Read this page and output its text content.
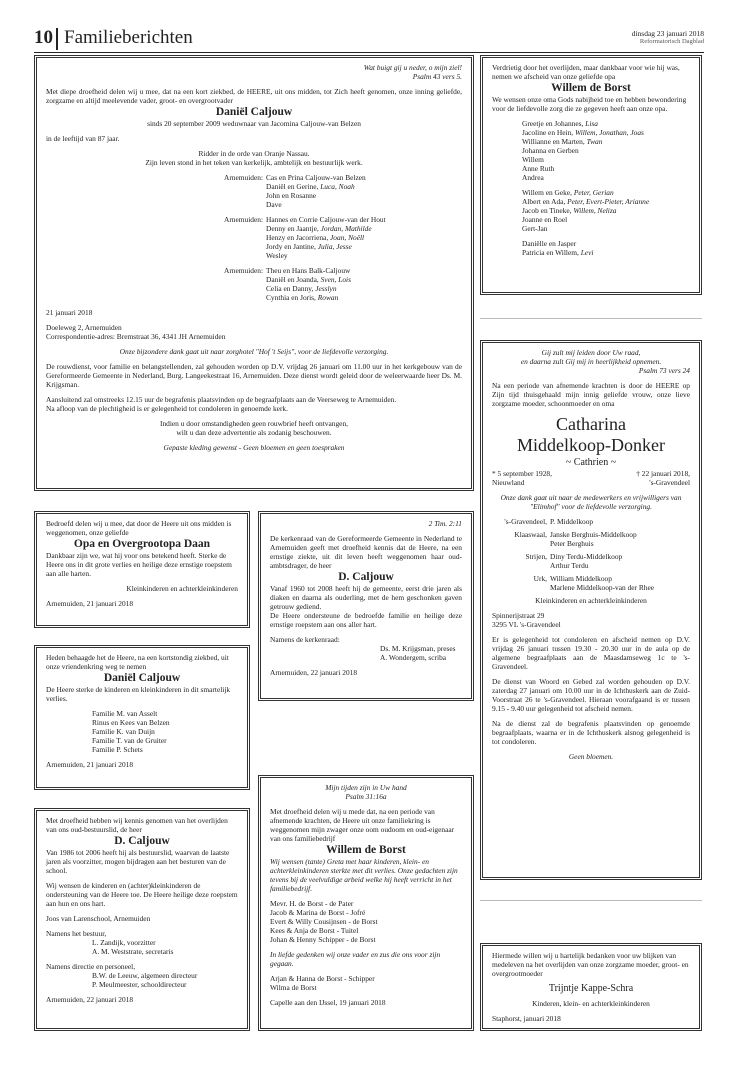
10 Familieberichten	dinsdag 23 januari 2018
Reformatorisch Dagblad

Wat buigt gij u neder, o mijn ziel!

Psalm 43 vers 5.

Met diepe droefheid delen wij u mee, dat na een kort ziekbed, de HEERE, uit ons midden, tot Zich heeft genomen, onze inning geliefde, zorgzame en altijd meelevende vader, groot- en overgrootvader

Daniël Caljouw

sinds 20 september 2009 weduwnaar van Jacomina Caljouw-van Belzen

in de leeftijd van 87 jaar.

Ridder in de orde van Oranje Nassau.

Zijn leven stond in het teken van kerkelijk, ambtelijk en bestuurlijk werk.

Arnemuiden: Cas en Prina Caljouw-van Belzen
Daniël en Gerine, Luca, Noah
John en Rosanne
Dave
Arnemuiden: Hannes en Corrie Caljouw-van der Hout
Denny en Jaantje, Jordan, Mathilde
Henzy en Jacorriena, Joan, Noëll
Jordy en Jantine, Julia, Jesse
Wesley
Arnemuiden: Theu en Hans Balk-Caljouw
Daniël en Joanda, Sven, Lois
Celia en Danny, Jesslyn
Cynthia en Joris, Rowan

21 januari 2018

Doeleweg 2, Arnemuiden

Correspondentie-adres: Bremstraat 36, 4341 JH Arnemuiden

Onze bijzondere dank gaat uit naar zorghotel "Hof 't Seijs", voor de liefdevolle verzorging.

De rouwdienst, voor familie en belangstellenden, zal gehouden worden op D.V. vrijdag 26 januari om 11.00 uur in het kerkgebouw van de Gereformeerde Gemeente in Nederland, Burg. Langeekestraat 16, Arnemuiden. Deze dienst wordt geleid door de weleerwaarde heer Ds. M. Krijgsman.

Aansluitend zal omstreeks 12.15 uur de begrafenis plaatsvinden op de begraafplaats aan de Veerseweg te Arnemuiden.

Na afloop van de plechtigheid is er gelegenheid tot condoleren in genoemde kerk.

Indien u door omstandigheden geen rouwbrief heeft ontvangen,

wilt u dan deze advertentie als zodanig beschouwen.

Gepaste kleding gewenst - Geen bloemen en geen toespraken

Bedroefd delen wij u mee, dat door de Heere uit ons midden is weggenomen, onze geliefde

Opa en Overgrootopa Daan

Dankbaar zijn we, wat hij voor ons betekend heeft. Sterke de Heere ons in dit grote verlies en heilige deze ernstige roepstem aan alle harten.

Kleinkinderen en achterkleinkinderen

Arnemuiden, 21 januari 2018

Heden behaagde het de Heere, na een kortstondig ziekbed, uit onze vriendenkring weg te nemen

Daniël Caljouw

De Heere sterke de kinderen en kleinkinderen in dit smartelijk verlies.

Familie M. van Asselt

Rinus en Kees van Belzen

Familie K. van Duijn

Familie T. van de Gruiter

Familie P. Schets

Arnemuiden, 21 januari 2018

Met droefheid hebben wij kennis genomen van het overlijden van ons oud-bestuurslid, de heer

D. Caljouw

Van 1986 tot 2006 heeft hij als bestuurslid, waarvan de laatste jaren als voorzitter, mogen bijdragen aan het besturen van de school.

Wij wensen de kinderen en (achter)kleinkinderen de ondersteuning van de Heere toe. De Heere heilige deze roepstem aan hun en ons hart.

Joos van Larenschool, Arnemuiden

Namens het bestuur,

L. Zandijk, voorzitter

A. M. Weststrate, secretaris

Namens directie en personeel,

B.W. de Leeuw, algemeen directeur

P. Meulmeester, schooldirecteur

Arnemuiden, 22 januari 2018

2 Tim. 2:11

De kerkenraad van de Gereformeerde Gemeente in Nederland te Arnemuiden geeft met droefheid kennis dat de Heere, na een ernstige ziekte, uit dit leven heeft weggenomen haar oud-ambtsdrager, de heer

D. Caljouw

Vanaf 1960 tot 2008 heeft hij de gemeente, eerst drie jaren als diaken en daarna als ouderling, met de hem geschonken gaven getrouw gediend.

De Heere ondersteune de bedroefde familie en heilige deze ernstige roepstem aan ons aller hart.

Namens de kerkenraad:

Ds. M. Krijgsman, preses

A. Wondergem, scriba

Arnemuiden, 22 januari 2018

Mijn tijden zijn in Uw hand

Psalm 31:16a

Met droefheid delen wij u mede dat, na een periode van afnemende krachten, de Heere uit onze familiekring is weggenomen mijn zwager onze oom oudoom en oud-eigenaar van ons familiebedrijf

Willem de Borst

Wij wensen (tante) Greta met haar kinderen, klein- en achterkleinkinderen sterkte met dit verlies. Onze gedachten zijn tevens bij de veelvuldige arbeid welke hij heeft verricht in het familiebedrijf.

Mevr. H. de Borst - de Pater

Jacob & Marina de Borst - Jofré

Evert & Willy Cousijnsen - de Borst

Kees & Anja de Borst - Tuitel

Johan & Henny Schipper - de Borst

In liefde gedenken wij onze vader en zus die ons voor zijn gegaan.

Arjan & Hanna de Borst - Schipper

Wilma de Borst

Capelle aan den IJssel, 19 januari 2018

Verdrietig door het overlijden, maar dankbaar voor wie hij was, nemen we afscheid van onze geliefde opa

Willem de Borst

We wensen onze oma Gods nabijheid toe en hebben bewondering voor de liefdevolle zorg die ze gegeven heeft aan onze opa.

Greetje en Johannes, Lisa

Jacoline en Hein, Willem, Jonathan, Joas

Willianne en Marten, Twan

Johanna en Gerben

Willem

Anne Ruth

Andrea

Willem en Geke, Peter, Gerian

Albert en Ada, Peter, Evert-Pieter, Arianne

Jacob en Tineke, Willem, Neliza

Joanne en Roel

Gert-Jan

Daniëlle en Jasper

Patricia en Willem, Levi

Gij zult mij leiden door Uw raad,

en daarna zult Gij mij in heerlijkheid opnemen.

Psalm 73 vers 24

Na een periode van afnemende krachten is door de HEERE op Zijn tijd thuisgehaald mijn innig geliefde vrouw, onze lieve zorgzame moeder, schoonmoeder en oma

Catharina

Middelkoop-Donker

~ Cathrien ~

* 5 september 1928,	† 22 januari 2018,
Nieuwland	's-Gravendeel

Onze dank gaat uit naar de medewerkers en vrijwilligers van "Elimhof" voor de liefdevolle verzorging.

's-Gravendeel, P. Middelkoop
Klaaswaal, Janske Berghuis-Middelkoop
Peter Berghuis
Strijen, Diny Terdu-Middelkoop
Arthur Terdu
Urk, William Middelkoop
Marlene Middelkoop-van der Rhee

Kleinkinderen en achterkleinkinderen

Spinnerijstraat 29

3295 VL 's-Gravendeel

Er is gelegenheid tot condoleren en afscheid nemen op D.V. vrijdag 26 januari tussen 19.30 - 20.30 uur in de aula op de algemene begraafplaats aan de Maasdamseweg 1c te 's-Gravendeel.

De dienst van Woord en Gebed zal worden gehouden op D.V. zaterdag 27 januari om 10.00 uur in de Ichthuskerk aan de Zuid-Voorstraat 26 te 's-Gravendeel. Hieraan voorafgaand is er tussen 9.15 - 9.40 uur gelegenheid tot afscheid nemen.

Na de dienst zal de begrafenis plaatsvinden op genoemde begraafplaats, waarna er in de Ichthuskerk alsnog gelegenheid is tot condoleren.

Geen bloemen.

Hiermede willen wij u hartelijk bedanken voor uw blijken van medeleven na het overlijden van onze zorgzame moeder, groot- en overgrootmoeder

Trijntje Kappe-Schra

Kinderen, klein- en achterkleinkinderen

Staphorst, januari 2018
